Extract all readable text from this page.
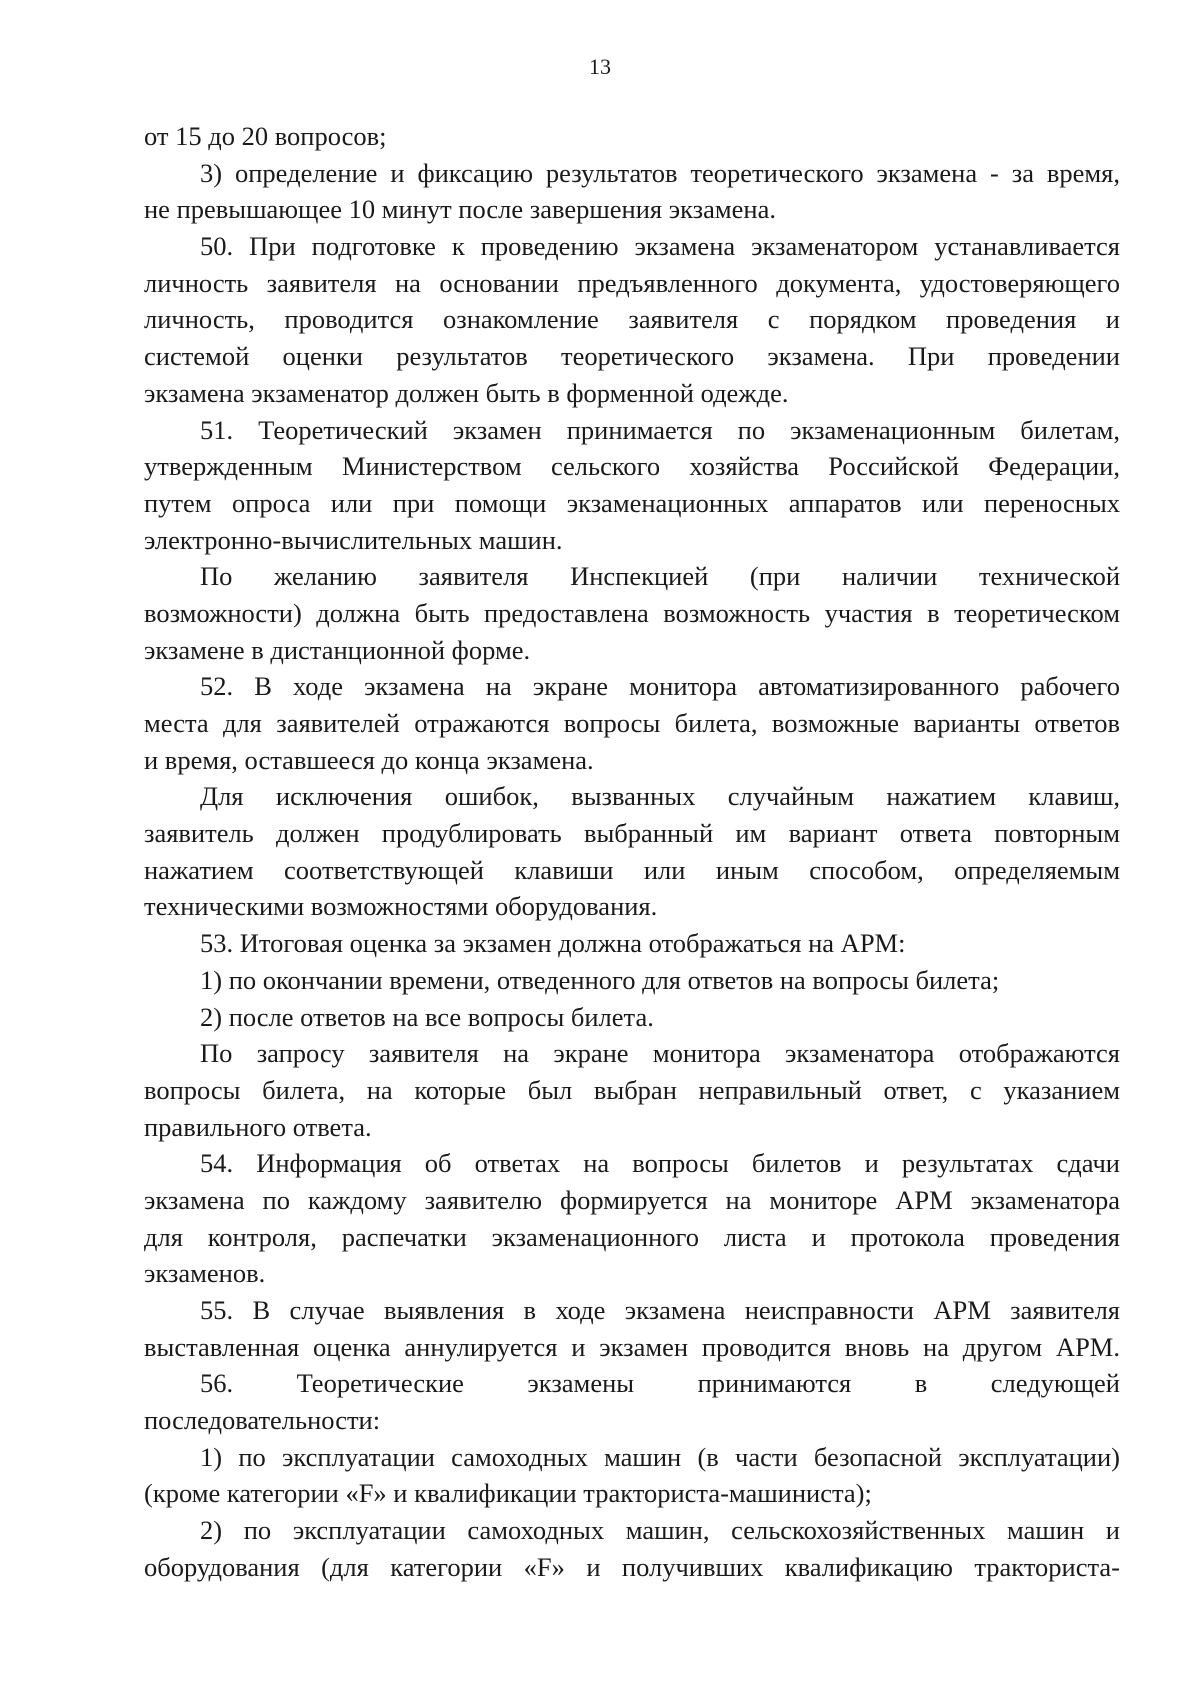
13
от 15 до 20 вопросов;
3) определение и фиксацию результатов теоретического экзамена - за время,
не превышающее 10 минут после завершения экзамена.
50. При подготовке к проведению экзамена экзаменатором устанавливается
личность заявителя на основании предъявленного документа, удостоверяющего
личность, проводится ознакомление заявителя с порядком проведения и
системой оценки результатов теоретического экзамена. При проведении
экзамена экзаменатор должен быть в форменной одежде.
51. Теоретический экзамен принимается по экзаменационным билетам,
утвержденным Министерством сельского хозяйства Российской Федерации,
путем опроса или при помощи экзаменационных аппаратов или переносных
электронно-вычислительных машин.
По желанию заявителя Инспекцией (при наличии технической
возможности) должна быть предоставлена возможность участия в теоретическом
экзамене в дистанционной форме.
52. В ходе экзамена на экране монитора автоматизированного рабочего
места для заявителей отражаются вопросы билета, возможные варианты ответов
и время, оставшееся до конца экзамена.
Для исключения ошибок, вызванных случайным нажатием клавиш,
заявитель должен продублировать выбранный им вариант ответа повторным
нажатием соответствующей клавиши или иным способом, определяемым
техническими возможностями оборудования.
53. Итоговая оценка за экзамен должна отображаться на АРМ:
1) по окончании времени, отведенного для ответов на вопросы билета;
2) после ответов на все вопросы билета.
По запросу заявителя на экране монитора экзаменатора отображаются
вопросы билета, на которые был выбран неправильный ответ, с указанием
правильного ответа.
54. Информация об ответах на вопросы билетов и результатах сдачи
экзамена по каждому заявителю формируется на мониторе АРМ экзаменатора
для контроля, распечатки экзаменационного листа и протокола проведения
экзаменов.
55. В случае выявления в ходе экзамена неисправности АРМ заявителя
выставленная оценка аннулируется и экзамен проводится вновь на другом АРМ.
56. Теоретические экзамены принимаются в следующей
последовательности:
1) по эксплуатации самоходных машин (в части безопасной эксплуатации)
(кроме категории «F» и квалификации тракториста-машиниста);
2) по эксплуатации самоходных машин, сельскохозяйственных машин и
оборудования (для категории «F» и получивших квалификацию тракториста-
